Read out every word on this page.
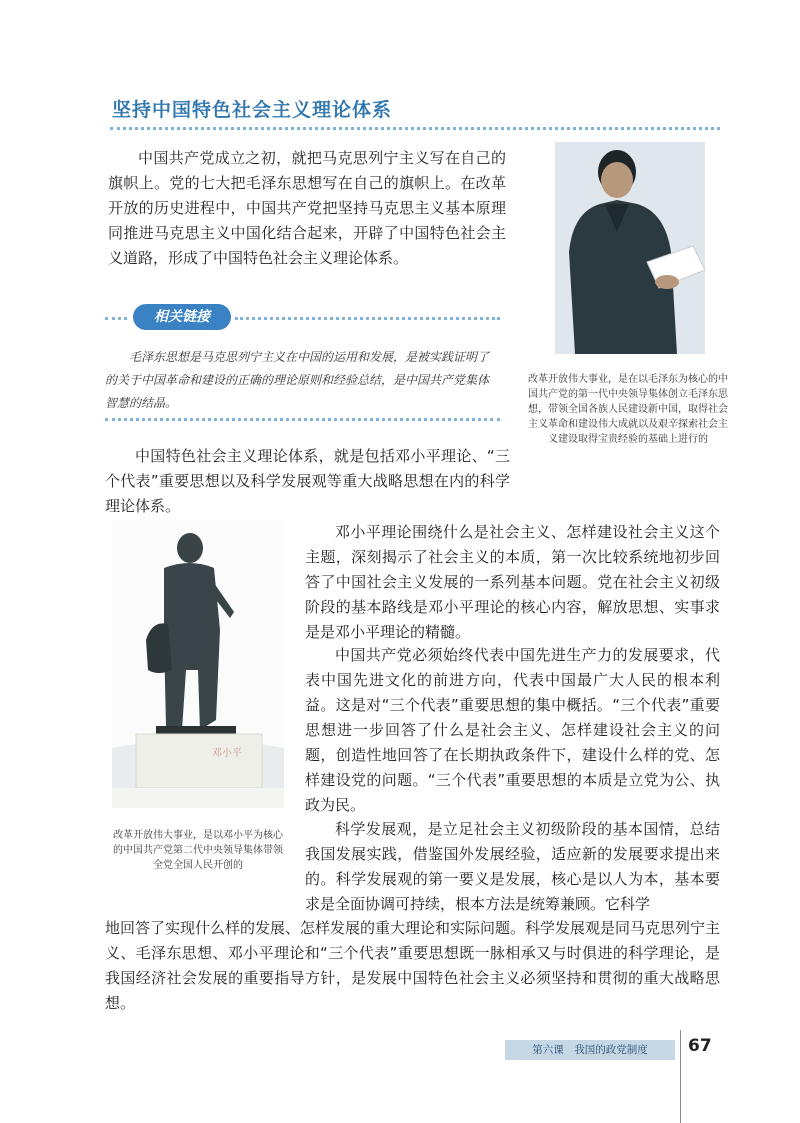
坚持中国特色社会主义理论体系

中国共产党成立之初，就把马克思列宁主义写在自己的旗帜上。党的七大把毛泽东思想写在自己的旗帜上。在改革开放的历史进程中，中国共产党把坚持马克思主义基本原理同推进马克思主义中国化结合起来，开辟了中国特色社会主义道路，形成了中国特色社会主义理论体系。

改革开放伟大事业，是在以毛泽东为核心的中国共产党的第一代中央领导集体创立毛泽东思想，带领全国各族人民建设新中国，取得社会主义革命和建设伟大成就以及艰辛探索社会主义建设取得宝贵经验的基础上进行的

相关链接

毛泽东思想是马克思列宁主义在中国的运用和发展，是被实践证明了的关于中国革命和建设的正确的理论原则和经验总结，是中国共产党集体智慧的结晶。

中国特色社会主义理论体系，就是包括邓小平理论、“三个代表”重要思想以及科学发展观等重大战略思想在内的科学理论体系。

邓小平

改革开放伟大事业，是以邓小平为核心的中国共产党第二代中央领导集体带领全党全国人民开创的

邓小平理论围绕什么是社会主义、怎样建设社会主义这个主题，深刻揭示了社会主义的本质，第一次比较系统地初步回答了中国社会主义发展的一系列基本问题。党在社会主义初级阶段的基本路线是邓小平理论的核心内容，解放思想、实事求是是邓小平理论的精髓。

中国共产党必须始终代表中国先进生产力的发展要求，代表中国先进文化的前进方向，代表中国最广大人民的根本利益。这是对“三个代表”重要思想的集中概括。“三个代表”重要思想进一步回答了什么是社会主义、怎样建设社会主义的问题，创造性地回答了在长期执政条件下，建设什么样的党、怎样建设党的问题。“三个代表”重要思想的本质是立党为公、执政为民。

科学发展观，是立足社会主义初级阶段的基本国情，总结我国发展实践，借鉴国外发展经验，适应新的发展要求提出来的。科学发展观的第一要义是发展，核心是以人为本，基本要求是全面协调可持续，根本方法是统筹兼顾。它科学

地回答了实现什么样的发展、怎样发展的重大理论和实际问题。科学发展观是同马克思列宁主义、毛泽东思想、邓小平理论和“三个代表”重要思想既一脉相承又与时俱进的科学理论，是我国经济社会发展的重要指导方针，是发展中国特色社会主义必须坚持和贯彻的重大战略思想。

第六课　我国的政党制度	67
